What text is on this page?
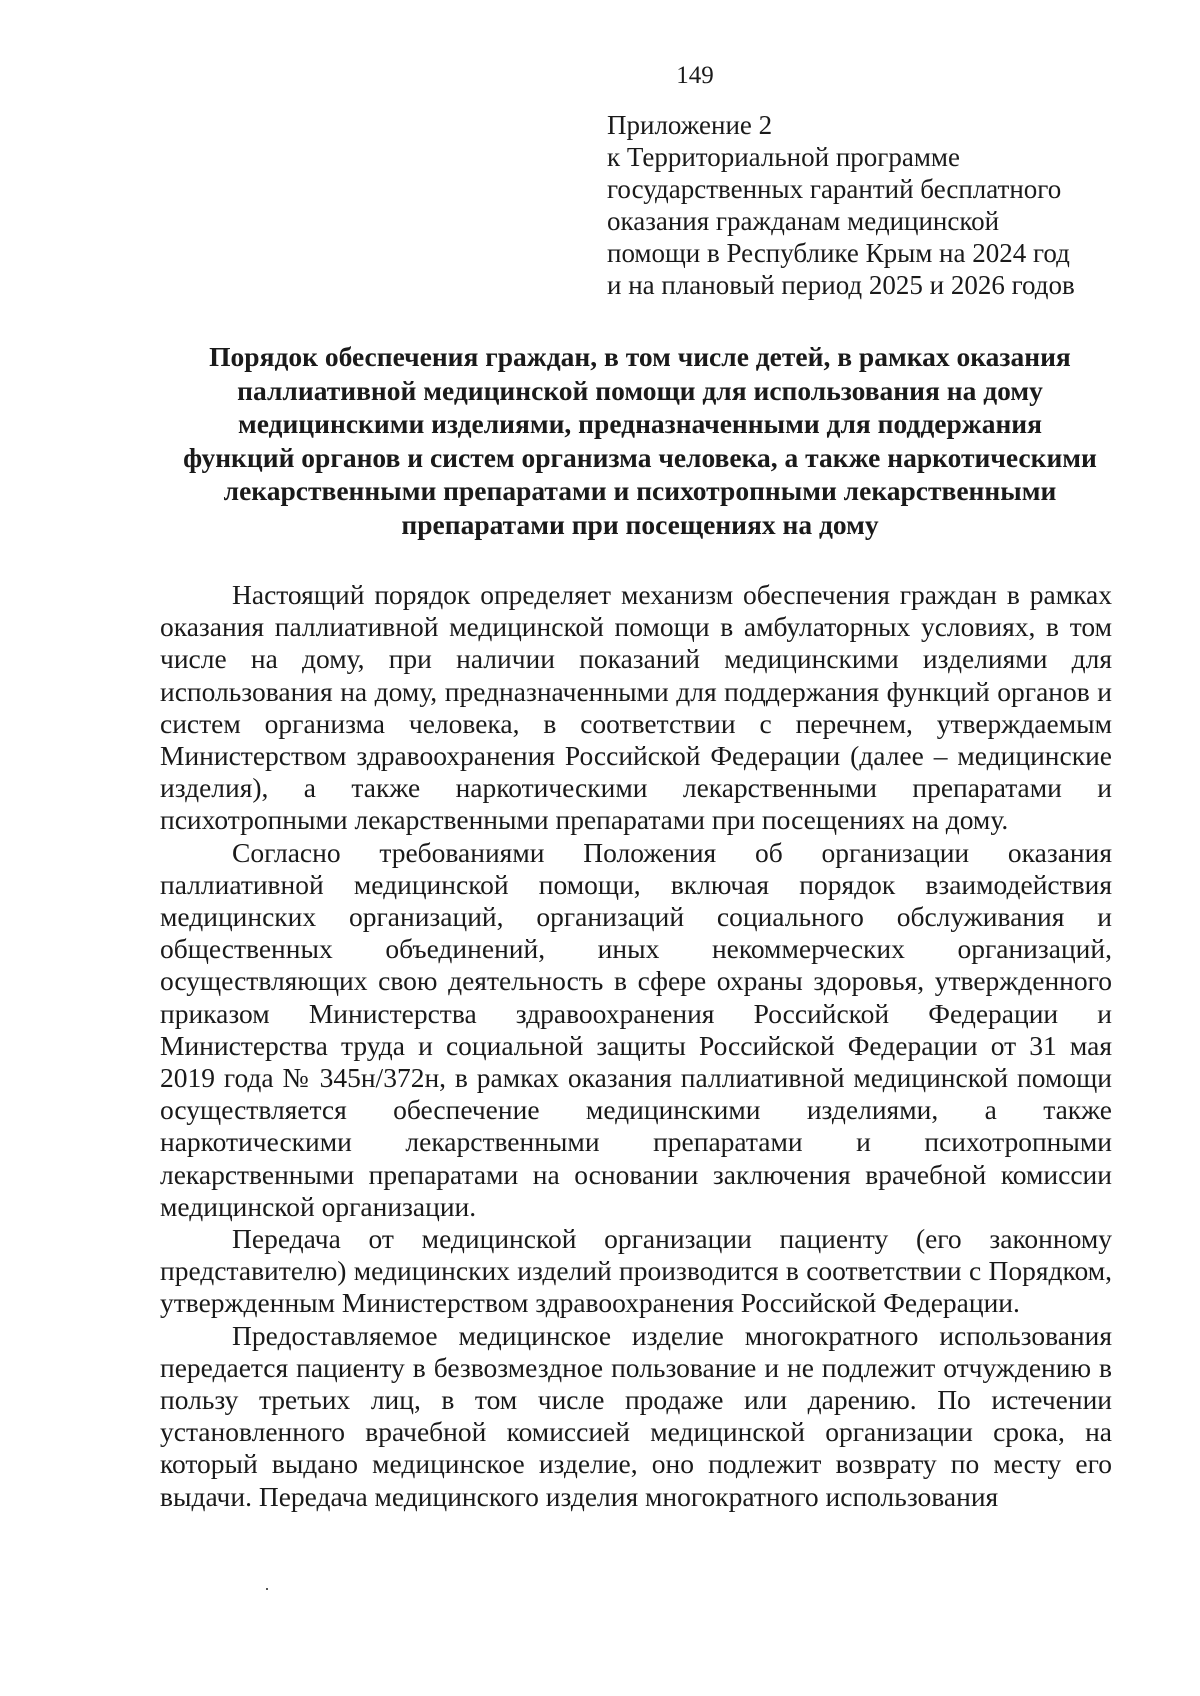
149
Приложение 2
к Территориальной программе
государственных гарантий бесплатного
оказания гражданам медицинской
помощи в Республике Крым на 2024 год
и на плановый период 2025 и 2026 годов
Порядок обеспечения граждан, в том числе детей, в рамках оказания
паллиативной медицинской помощи для использования на дому
медицинскими изделиями, предназначенными для поддержания
функций органов и систем организма человека, а также наркотическими
лекарственными препаратами и психотропными лекарственными
препаратами при посещениях на дому

Настоящий порядок определяет механизм обеспечения граждан в рамках оказания паллиативной медицинской помощи в амбулаторных условиях, в том числе на дому, при наличии показаний медицинскими изделиями для использования на дому, предназначенными для поддержания функций органов и систем организма человека, в соответствии с перечнем, утверждаемым Министерством здравоохранения Российской Федерации (далее – медицинские изделия), а также наркотическими лекарственными препаратами и психотропными лекарственными препаратами при посещениях на дому.

Согласно требованиями Положения об организации оказания паллиативной медицинской помощи, включая порядок взаимодействия медицинских организаций, организаций социального обслуживания и общественных объединений, иных некоммерческих организаций, осуществляющих свою деятельность в сфере охраны здоровья, утвержденного приказом Министерства здравоохранения Российской Федерации и Министерства труда и социальной защиты Российской Федерации от 31 мая 2019 года № 345н/372н, в рамках оказания паллиативной медицинской помощи осуществляется обеспечение медицинскими изделиями, а также наркотическими лекарственными препаратами и психотропными лекарственными препаратами на основании заключения врачебной комиссии медицинской организации.

Передача от медицинской организации пациенту (его законному представителю) медицинских изделий производится в соответствии с Порядком, утвержденным Министерством здравоохранения Российской Федерации.

Предоставляемое медицинское изделие многократного использования передается пациенту в безвозмездное пользование и не подлежит отчуждению в пользу третьих лиц, в том числе продаже или дарению. По истечении установленного врачебной комиссией медицинской организации срока, на который выдано медицинское изделие, оно подлежит возврату по месту его выдачи. Передача медицинского изделия многократного использования
